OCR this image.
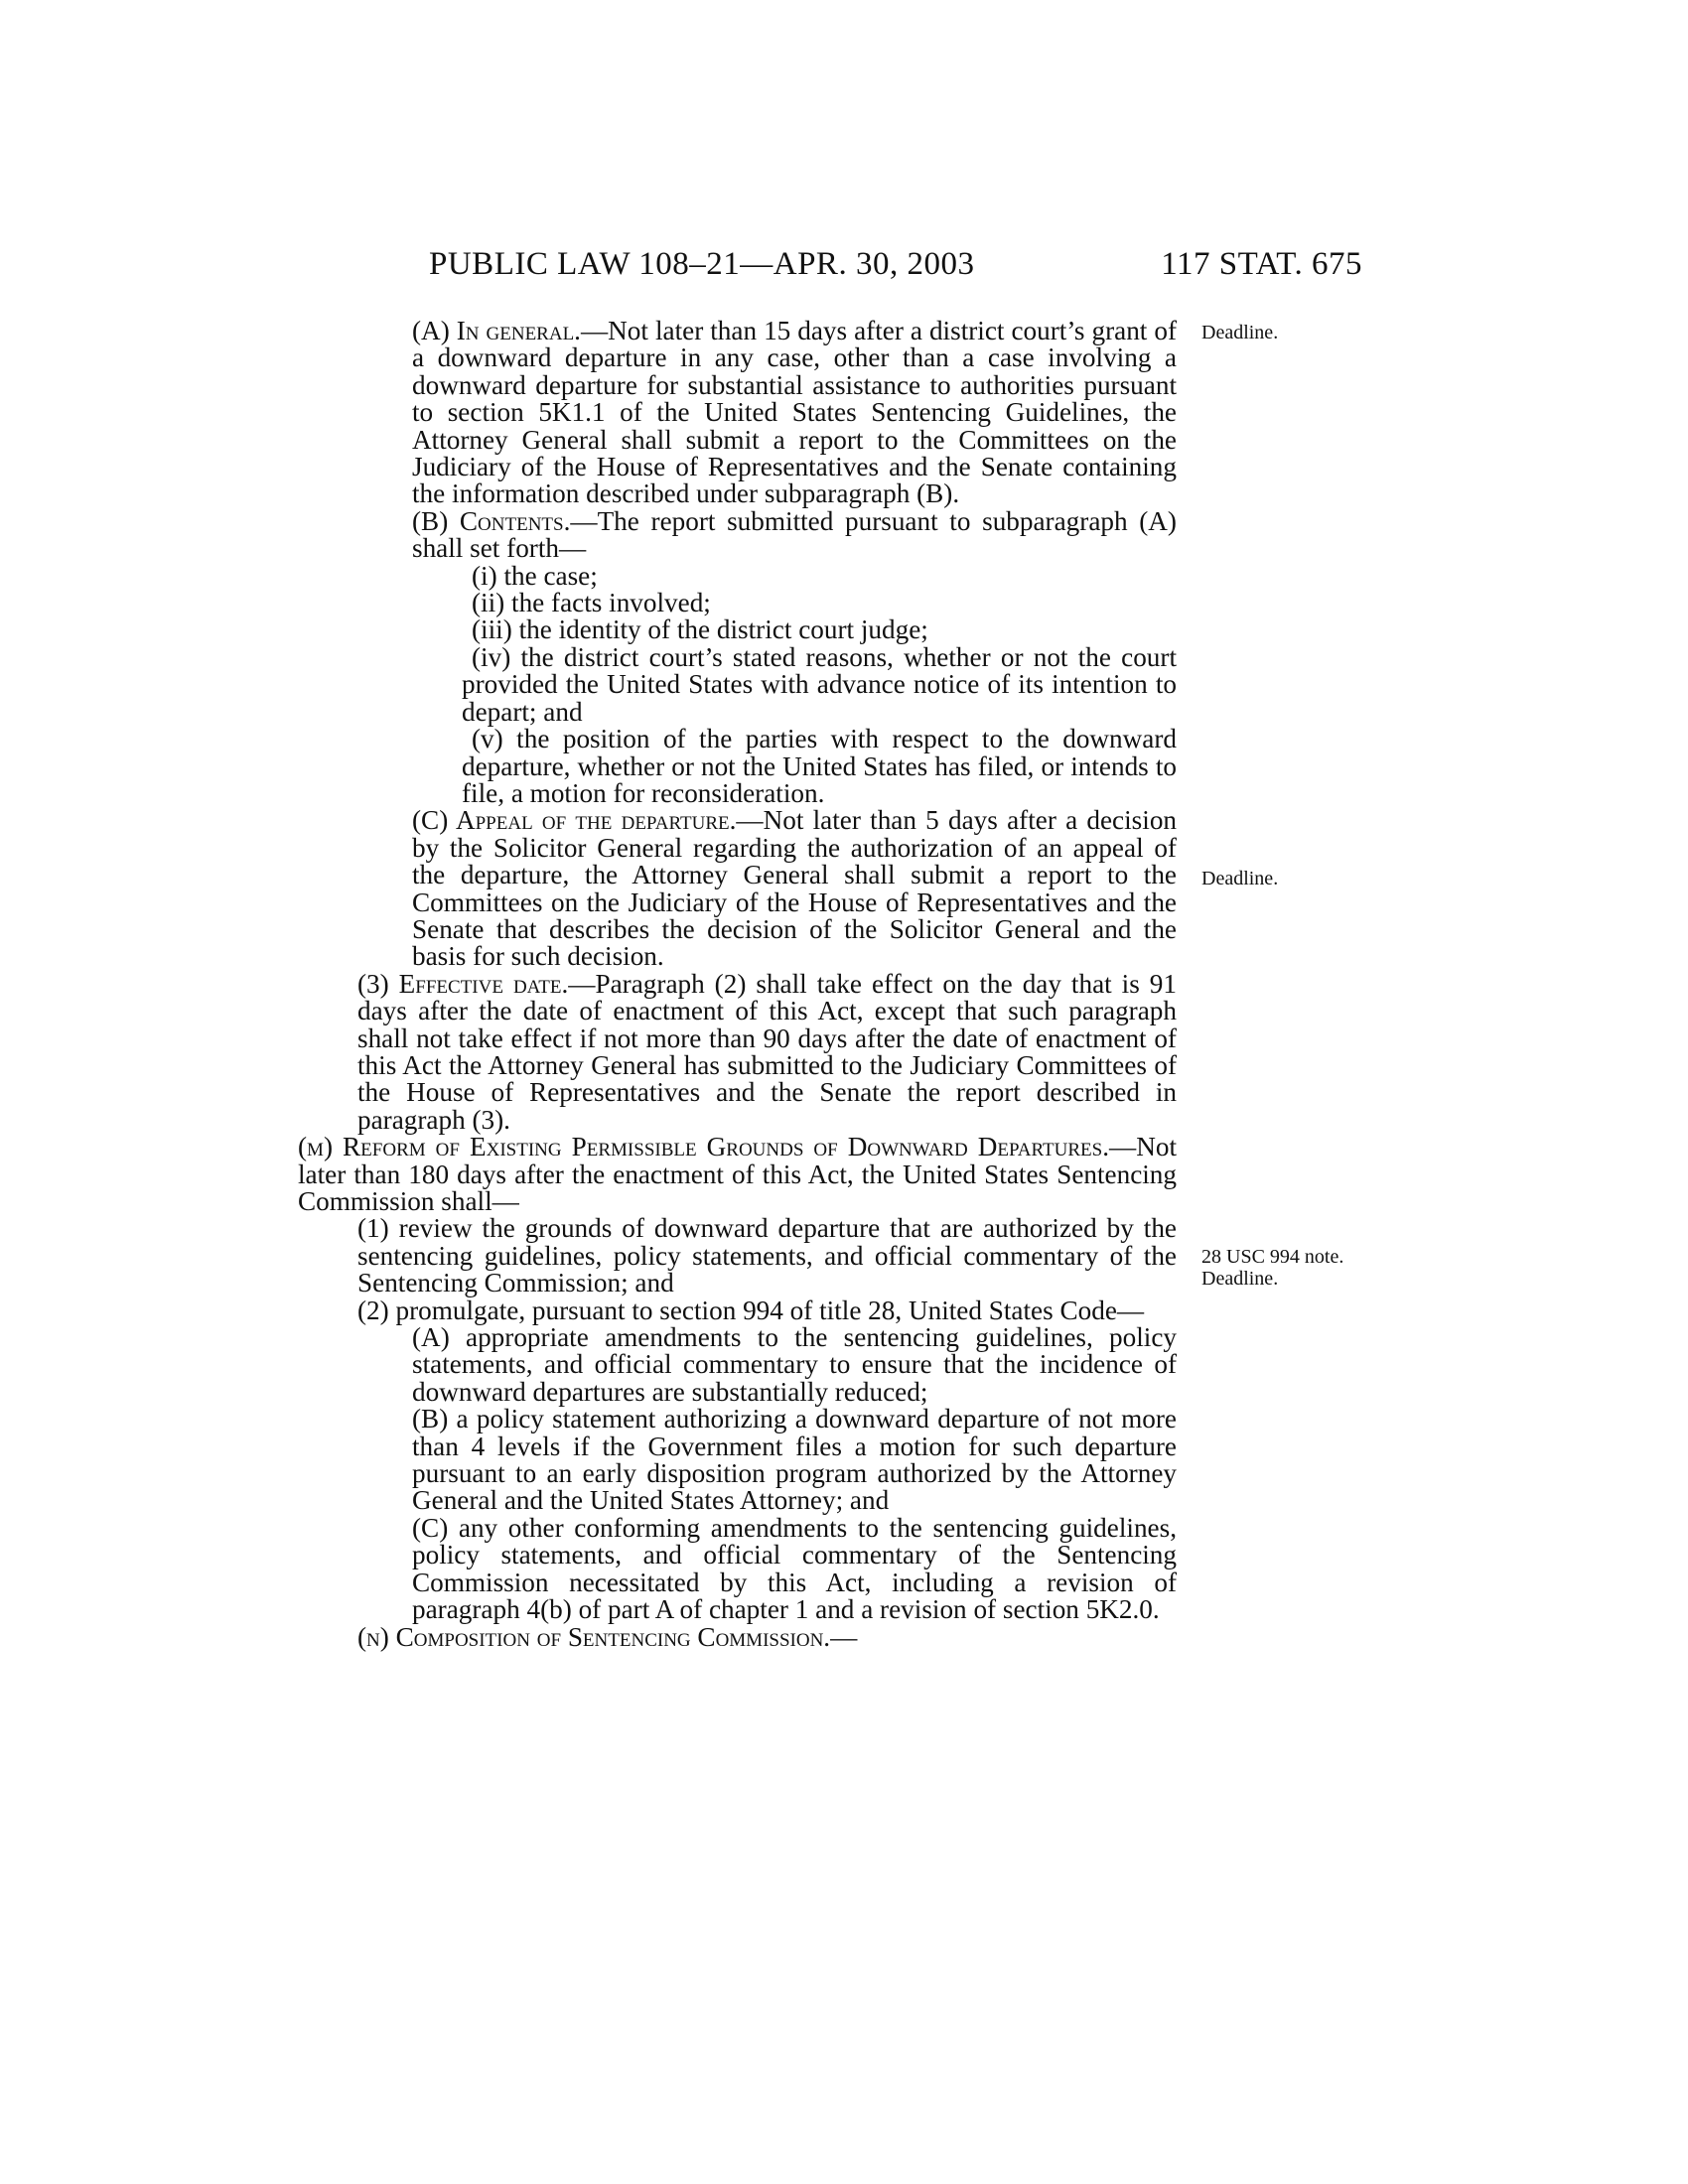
PUBLIC LAW 108–21—APR. 30, 2003	117 STAT. 675
Deadline.
Deadline.
28 USC 994 note.
Deadline.

(A) In general.—Not later than 15 days after a district court’s grant of a downward departure in any case, other than a case involving a downward departure for substantial assistance to authorities pursuant to section 5K1.1 of the United States Sentencing Guidelines, the Attorney General shall submit a report to the Committees on the Judiciary of the House of Representatives and the Senate containing the information described under subparagraph (B).

(B) Contents.—The report submitted pursuant to subparagraph (A) shall set forth—

(i) the case;

(ii) the facts involved;

(iii) the identity of the district court judge;

(iv) the district court’s stated reasons, whether or not the court provided the United States with advance notice of its intention to depart; and

(v) the position of the parties with respect to the downward departure, whether or not the United States has filed, or intends to file, a motion for reconsideration.

(C) Appeal of the departure.—Not later than 5 days after a decision by the Solicitor General regarding the authorization of an appeal of the departure, the Attorney General shall submit a report to the Committees on the Judiciary of the House of Representatives and the Senate that describes the decision of the Solicitor General and the basis for such decision.

(3) Effective date.—Paragraph (2) shall take effect on the day that is 91 days after the date of enactment of this Act, except that such paragraph shall not take effect if not more than 90 days after the date of enactment of this Act the Attorney General has submitted to the Judiciary Committees of the House of Representatives and the Senate the report described in paragraph (3).

(m) Reform of Existing Permissible Grounds of Downward Departures.—Not later than 180 days after the enactment of this Act, the United States Sentencing Commission shall—

(1) review the grounds of downward departure that are authorized by the sentencing guidelines, policy statements, and official commentary of the Sentencing Commission; and

(2) promulgate, pursuant to section 994 of title 28, United States Code—

(A) appropriate amendments to the sentencing guidelines, policy statements, and official commentary to ensure that the incidence of downward departures are substantially reduced;

(B) a policy statement authorizing a downward departure of not more than 4 levels if the Government files a motion for such departure pursuant to an early disposition program authorized by the Attorney General and the United States Attorney; and

(C) any other conforming amendments to the sentencing guidelines, policy statements, and official commentary of the Sentencing Commission necessitated by this Act, including a revision of paragraph 4(b) of part A of chapter 1 and a revision of section 5K2.0.

(n) Composition of Sentencing Commission.—
